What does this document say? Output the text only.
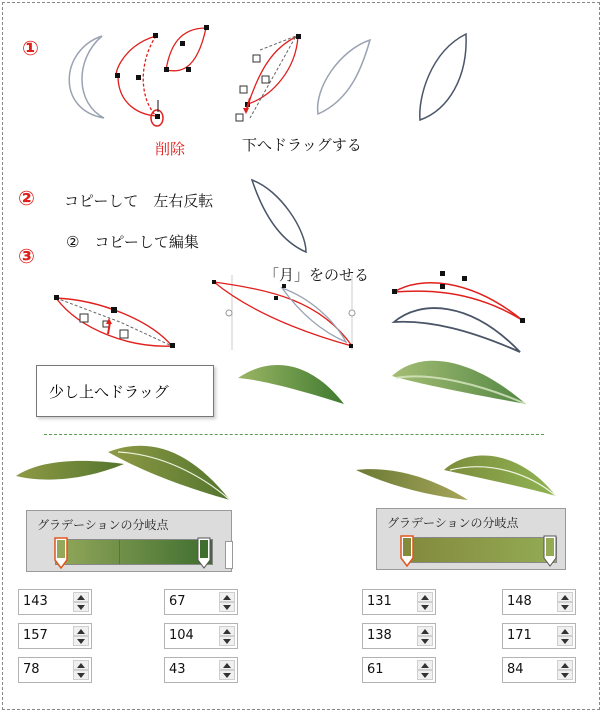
①
削除	下へドラッグする
② コピーして　左右反転
②　コピーして編集
③
「月」をのせる
少し上へドラッグ
グラデーションの分岐点	グラデーションの分岐点
143
157
78
67
104
43
131
138
61
148
171
84
